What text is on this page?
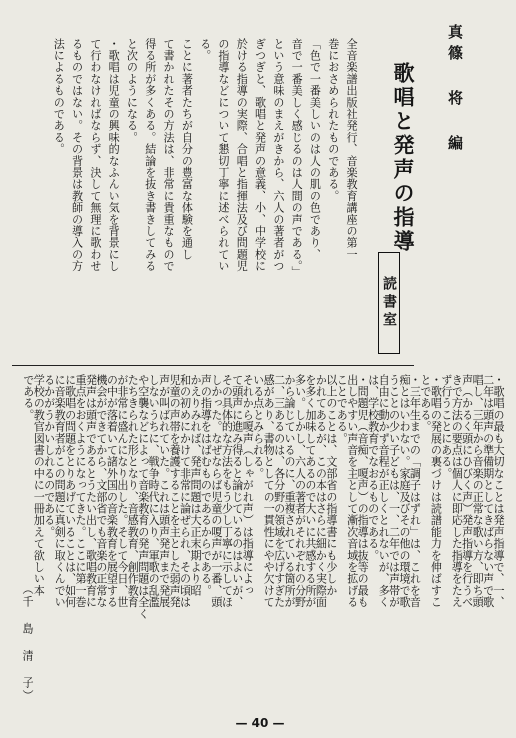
真篠 将 編
歌唱と発声の指導
読書室
全音楽譜出版社発行、音楽教育講座の第一
巻におさめられたものである。
「色で一番美しいのは人の肌の色であり、
音で一番美しく感じるのは人間の声である。」
という意味のまえがきから、六人の著者がつ
ぎつぎと、歌唱と発声の意義、小、中学校に
於ける指導の実際、合唱と指揮法及び問題児
の指導などについて懇切丁寧に述べられてい
る。
ことに著者たちが自分の豊富な体験を通し
て書かれたその方法は、非常に貴重なもので
得る所が多くある。結論を抜き書きしてみる
と次のようになる。
・歌唱は児童の興味的なふんい気を背景にし
て行わなければならず、決して無理に歌わせ
るものではない。その背景は教師の導入の方
法によるものである。
・歌唱の最も大切なことは発声指導で、一、
二年は頭声の準備期としてきばらない声で歌
唱し、三年から音楽の正常な歌い方、即ち頭
声（かるく頭にひびく声）発声指導を行うべ
きで方法の要点は個人に即応した指導をたえ
ず行うことにある。
・歌唱の発展の裏づけは読譜能力を伸ばすこ
とである。
・三年生までの「調子はずれ」は、これを音
痴とはいわない。家庭及びその他の環境で歌
うことの少い子どもは、一、二年では声帯が
自由に動かず音程が正しくとれないが、多く
は、学校教育でなおるものである。
・問題児（音痴、嗄声）の指導は抜等の最も
出しやすい声音を主として漸次音域を拡げる
ことである。
以上のことは、文部省の指導書にも少しか
かれてあるが、この本はさらに細かく実際面
を多く加味してあるので大いに共感する所が
多い。しかし、六人の著者がそれぞれの分野
から論じているのに、重複されている箇所が
二、三あるのは、各分野の領域を広げすぎた
感があり、書物としての一貫性にやや欠けて
いる点とみられる。
それから嗄声（しゃがれ声）は指導によっ
て頭声に進み得ると論じているのはよいが、
その具体的な方法をもう少し丁寧に示してほ
しかった。なぜならば児童の嗄声が一番、頭
声の指導をはばむものであるからである。
かえりみれば、発声問題は大正末期より昭
和の初めにかけて非常に論ぜられ、その頃は
児童の声帯を養護することを主とした弱声発
声が叫ばれていた。これは頭声発声まで発展
しないうちに、戦争時代に入り、軍歌の乱濫
や空襲などによって音楽教育の発声問題は全く
たちきられた形となり、音感教育、創作教育
が非常に盛んになり出した。そして今日、世
の中が落着いて諸外国の音楽教育を展望する
機会ができてから、文部省でも音楽の正常な
発声は頭声であるとうたい出し、歌唱教育に
重点をおくようになってきた。ここに第一巻
に歌唱の問題をとりあげていることは、如何
に音楽教育者がこの問題に真剣に取くんでい
るかがうかいしれるのである。
学校の教官図書の中に一冊加えて欲しい本
である。
（千 島 清 子）
— 40 —
